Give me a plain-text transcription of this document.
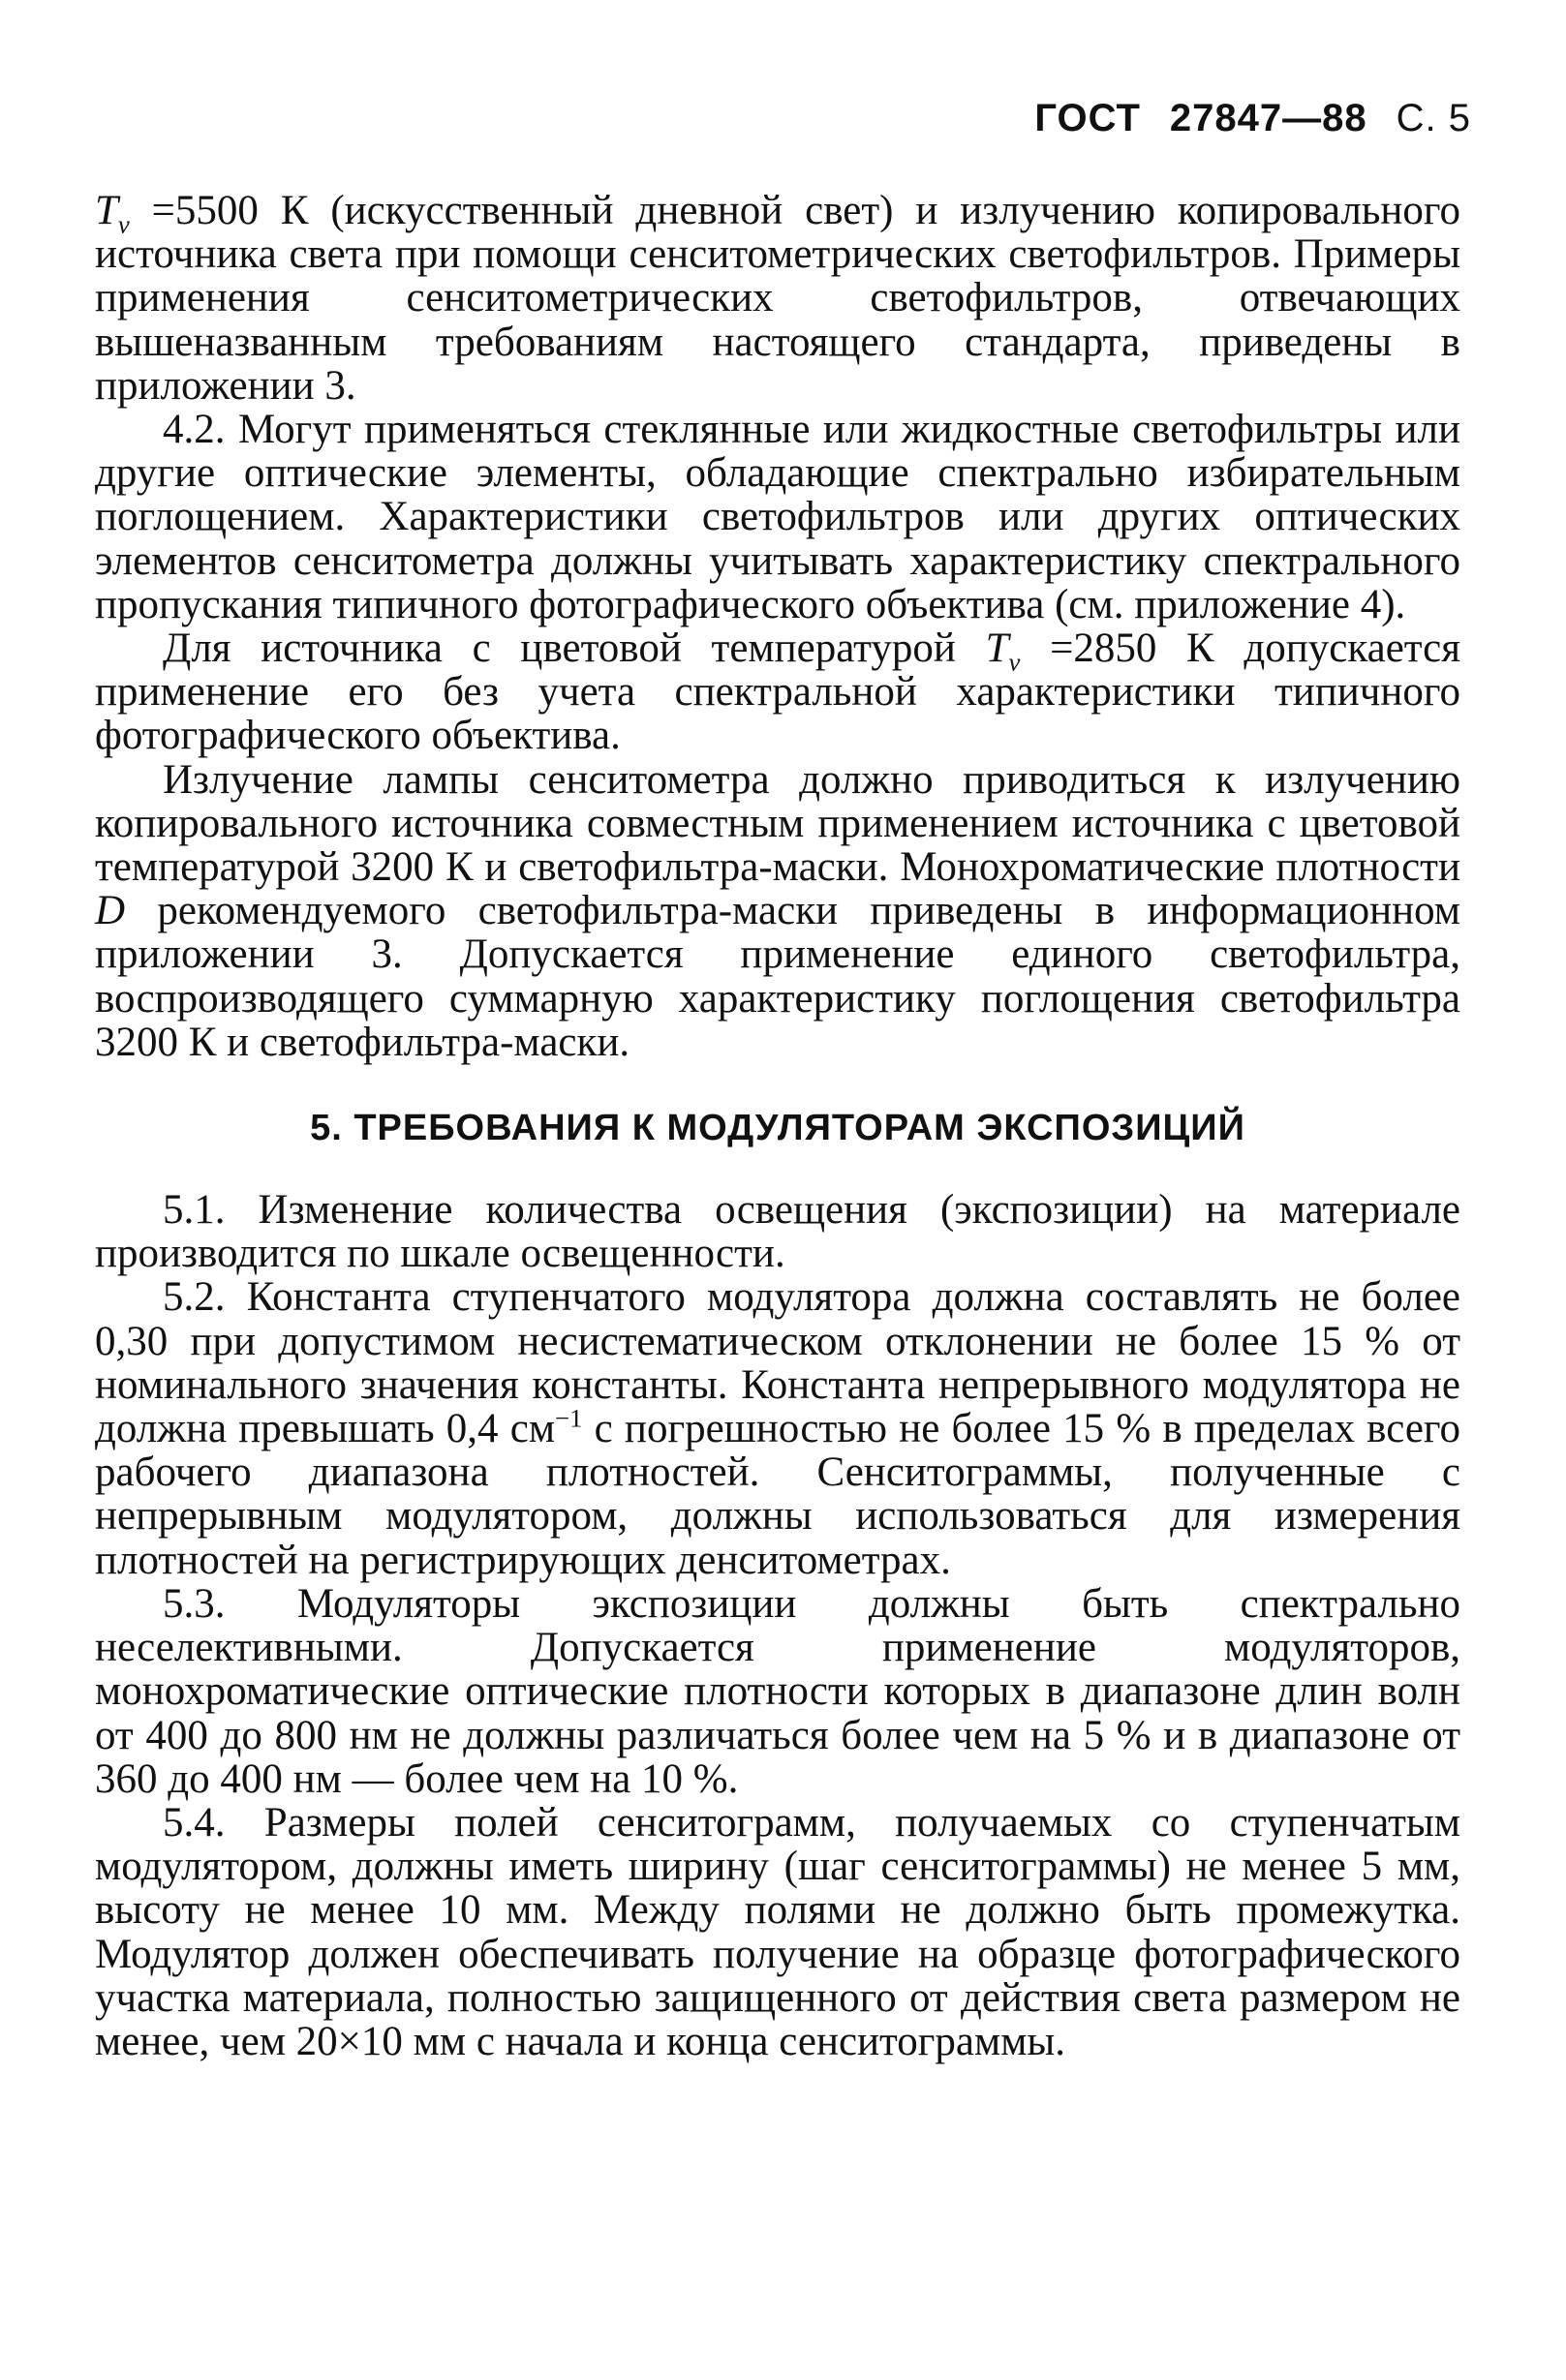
ГОСТ 27847—88 С. 5

$T_v =5500$ К (искусственный дневной свет) и излучению копировального источника света при помощи сенситометрических светофильтров. Примеры применения сенситометрических светофильтров, отвечающих вышеназванным требованиям настоящего стандарта, приведены в приложении 3.

4.2. Могут применяться стеклянные или жидкостные светофильтры или другие оптические элементы, обладающие спектрально избирательным поглощением. Характеристики светофильтров или других оптических элементов сенситометра должны учитывать характеристику спектрального пропускания типичного фотографического объектива (см. приложение 4).

Для источника с цветовой температурой $T_v =2850$ К допускается применение его без учета спектральной характеристики типичного фотографического объектива.

Излучение лампы сенситометра должно приводиться к излучению копировального источника совместным применением источника с цветовой температурой 3200 К и светофильтра-маски. Монохроматические плотности D рекомендуемого светофильтра-маски приведены в информационном приложении 3. Допускается применение единого светофильтра, воспроизводящего суммарную характеристику поглощения светофильтра 3200 К и светофильтра-маски.

5. ТРЕБОВАНИЯ К МОДУЛЯТОРАМ ЭКСПОЗИЦИЙ

5.1. Изменение количества освещения (экспозиции) на материале производится по шкале освещенности.

5.2. Константа ступенчатого модулятора должна составлять не более 0,30 при допустимом несистематическом отклонении не более 15 % от номинального значения константы. Константа непрерывного модулятора не должна превышать 0,4 $см^{-1}$ с погрешностью не более 15 % в пределах всего рабочего диапазона плотностей. Сенситограммы, полученные с непрерывным модулятором, должны использоваться для измерения плотностей на регистрирующих денситометрах.

5.3. Модуляторы экспозиции должны быть спектрально неселективными. Допускается применение модуляторов, монохроматические оптические плотности которых в диапазоне длин волн от 400 до 800 нм не должны различаться более чем на 5 % и в диапазоне от 360 до 400 нм — более чем на 10 %.

5.4. Размеры полей сенситограмм, получаемых со ступенчатым модулятором, должны иметь ширину (шаг сенситограммы) не менее 5 мм, высоту не менее 10 мм. Между полями не должно быть промежутка. Модулятор должен обеспечивать получение на образце фотографического участка материала, полностью защищенного от действия света размером не менее, чем 20×10 мм с начала и конца сенситограммы.
